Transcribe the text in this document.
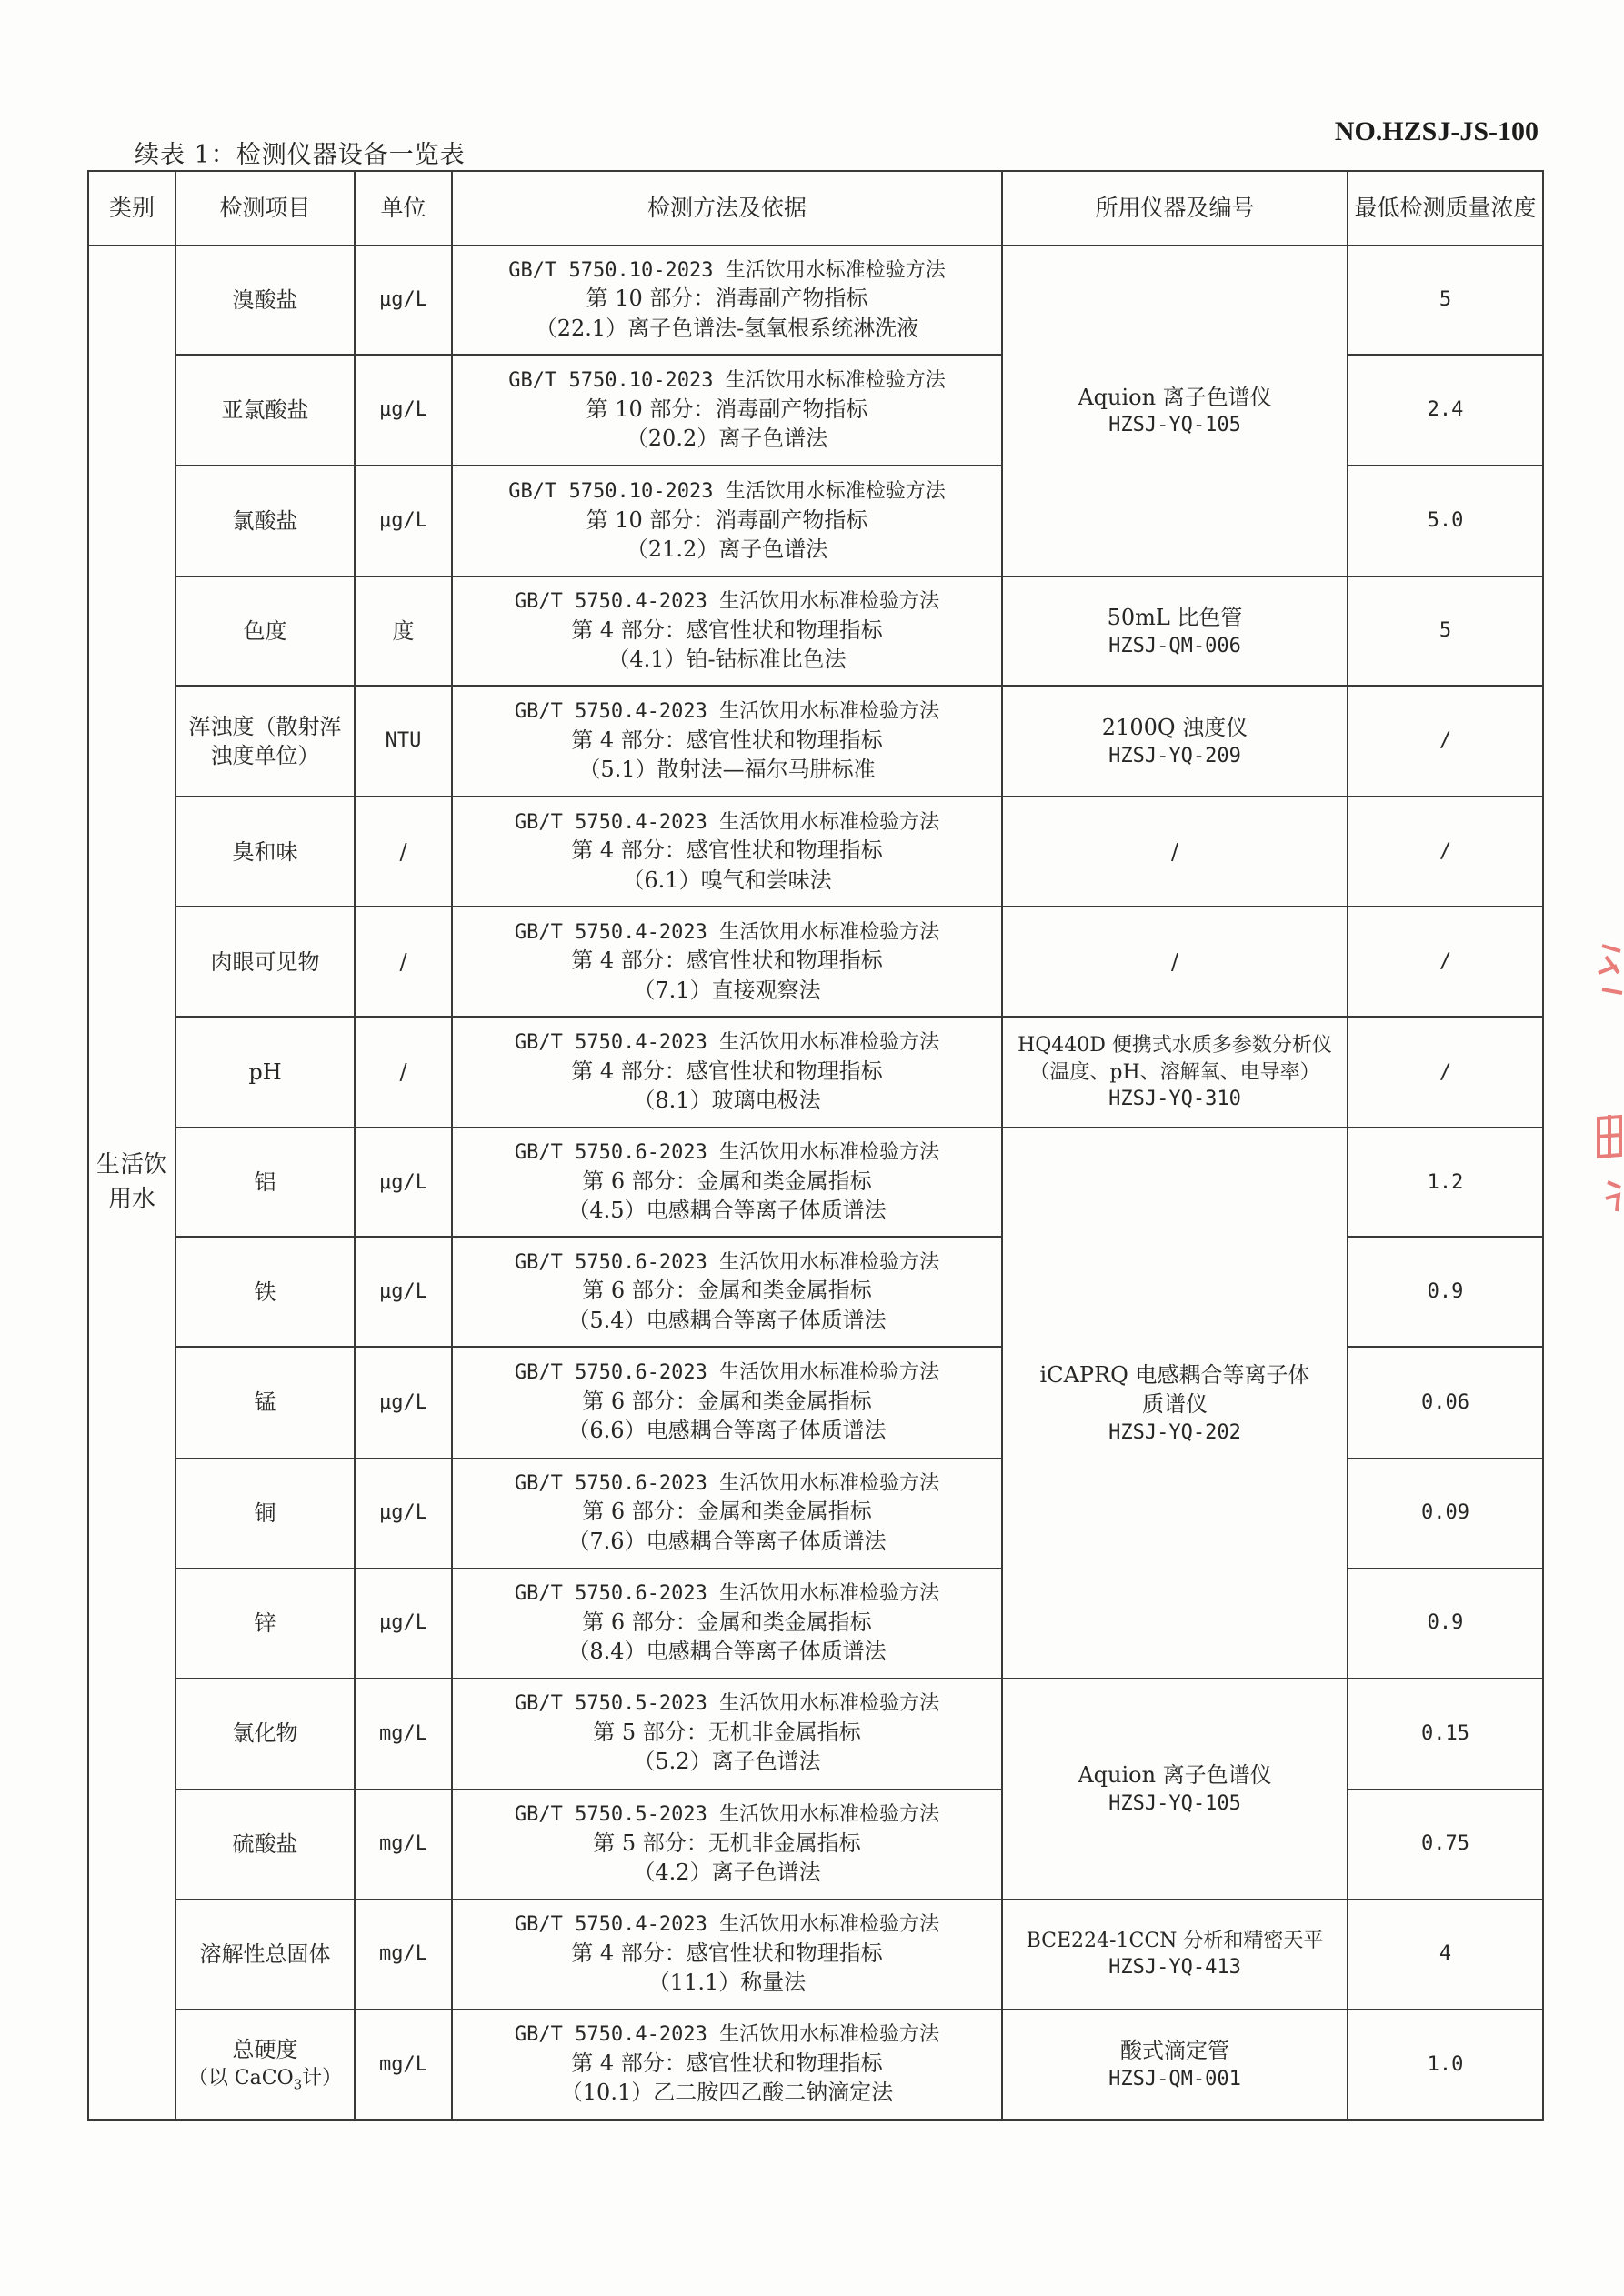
NO.HZSJ-JS-100
续表 1：检测仪器设备一览表
类别	检测项目	单位	检测方法及依据	所用仪器及编号	最低检测质量浓度
生活饮用水	溴酸盐	μg/L	GB/T 5750.10-2023 生活饮用水标准检验方法
第 10 部分：消毒副产物指标
（22.1）离子色谱法-氢氧根系统淋洗液	Aquion 离子色谱仪
HZSJ-YQ-105	5
	亚氯酸盐	μg/L	GB/T 5750.10-2023 生活饮用水标准检验方法
第 10 部分：消毒副产物指标
（20.2）离子色谱法		2.4
	氯酸盐	μg/L	GB/T 5750.10-2023 生活饮用水标准检验方法
第 10 部分：消毒副产物指标
（21.2）离子色谱法		5.0
	色度	度	GB/T 5750.4-2023 生活饮用水标准检验方法
第 4 部分：感官性状和物理指标
（4.1）铂-钴标准比色法	50mL 比色管
HZSJ-QM-006	5
	浑浊度（散射浑浊度单位）	NTU	GB/T 5750.4-2023 生活饮用水标准检验方法
第 4 部分：感官性状和物理指标
（5.1）散射法—福尔马肼标准	2100Q 浊度仪
HZSJ-YQ-209	/
	臭和味	/	GB/T 5750.4-2023 生活饮用水标准检验方法
第 4 部分：感官性状和物理指标
（6.1）嗅气和尝味法	/	/
	肉眼可见物	/	GB/T 5750.4-2023 生活饮用水标准检验方法
第 4 部分：感官性状和物理指标
（7.1）直接观察法	/	/
	pH	/	GB/T 5750.4-2023 生活饮用水标准检验方法
第 4 部分：感官性状和物理指标
（8.1）玻璃电极法	HQ440D 便携式水质多参数分析仪
（温度、pH、溶解氧、电导率）
HZSJ-YQ-310	/
	铝	μg/L	GB/T 5750.6-2023 生活饮用水标准检验方法
第 6 部分：金属和类金属指标
（4.5）电感耦合等离子体质谱法	iCAPRQ 电感耦合等离子体
质谱仪
HZSJ-YQ-202	1.2
	铁	μg/L	GB/T 5750.6-2023 生活饮用水标准检验方法
第 6 部分：金属和类金属指标
（5.4）电感耦合等离子体质谱法		0.9
	锰	μg/L	GB/T 5750.6-2023 生活饮用水标准检验方法
第 6 部分：金属和类金属指标
（6.6）电感耦合等离子体质谱法		0.06
	铜	μg/L	GB/T 5750.6-2023 生活饮用水标准检验方法
第 6 部分：金属和类金属指标
（7.6）电感耦合等离子体质谱法		0.09
	锌	μg/L	GB/T 5750.6-2023 生活饮用水标准检验方法
第 6 部分：金属和类金属指标
（8.4）电感耦合等离子体质谱法		0.9
	氯化物	mg/L	GB/T 5750.5-2023 生活饮用水标准检验方法
第 5 部分：无机非金属指标
（5.2）离子色谱法	Aquion 离子色谱仪
HZSJ-YQ-105	0.15
	硫酸盐	mg/L	GB/T 5750.5-2023 生活饮用水标准检验方法
第 5 部分：无机非金属指标
（4.2）离子色谱法		0.75
	溶解性总固体	mg/L	GB/T 5750.4-2023 生活饮用水标准检验方法
第 4 部分：感官性状和物理指标
（11.1）称量法	BCE224-1CCN 分析和精密天平
HZSJ-YQ-413	4

	总硬度
（以 CaCO$_3$计）	mg/L	GB/T 5750.4-2023 生活饮用水标准检验方法
第 4 部分：感官性状和物理指标
（10.1）乙二胺四乙酸二钠滴定法	酸式滴定管
HZSJ-QM-001	1.0
